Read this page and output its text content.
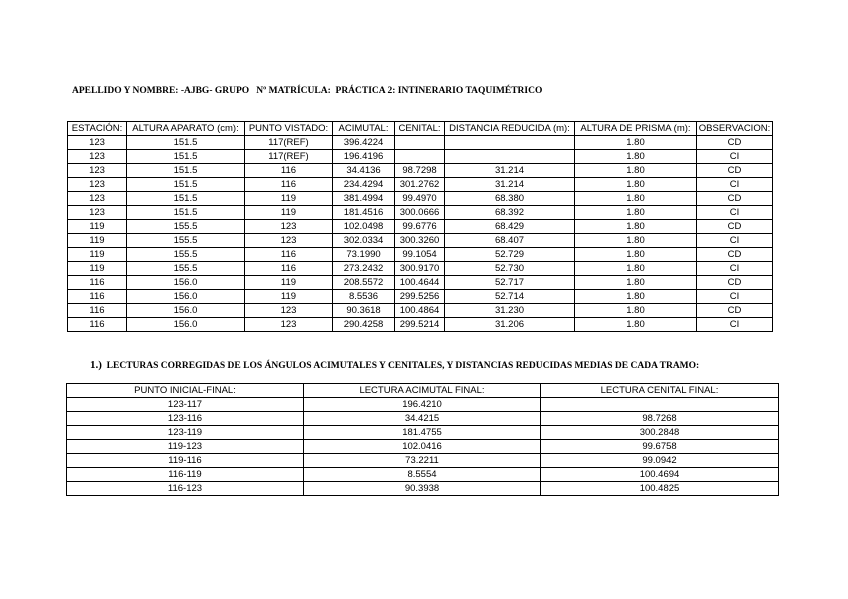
APELLIDO Y NOMBRE: -AJBG- GRUPO Nº MATRÍCULA: PRÁCTICA 2: INTINERARIO TAQUIMÉTRICO
ESTACIÓN:	ALTURA APARATO (cm):	PUNTO VISTADO:	ACIMUTAL:	CENITAL:	DISTANCIA REDUCIDA (m):	ALTURA DE PRISMA (m):	OBSERVACION:
123	151.5	117(REF)	396.4224			1.80	CD
123	151.5	117(REF)	196.4196			1.80	CI
123	151.5	116	34.4136	98.7298	31.214	1.80	CD
123	151.5	116	234.4294	301.2762	31.214	1.80	CI
123	151.5	119	381.4994	99.4970	68.380	1.80	CD
123	151.5	119	181.4516	300.0666	68.392	1.80	CI
119	155.5	123	102.0498	99.6776	68.429	1.80	CD
119	155.5	123	302.0334	300.3260	68.407	1.80	CI
119	155.5	116	73.1990	99.1054	52.729	1.80	CD
119	155.5	116	273.2432	300.9170	52.730	1.80	CI
116	156.0	119	208.5572	100.4644	52.717	1.80	CD
116	156.0	119	8.5536	299.5256	52.714	1.80	CI
116	156.0	123	90.3618	100.4864	31.230	1.80	CD
116	156.0	123	290.4258	299.5214	31.206	1.80	CI
1.) LECTURAS CORREGIDAS DE LOS ÁNGULOS ACIMUTALES Y CENITALES, Y DISTANCIAS REDUCIDAS MEDIAS DE CADA TRAMO:
PUNTO INICIAL-FINAL:	LECTURA ACIMUTAL FINAL:	LECTURA CENITAL FINAL:
123-117	196.4210	
123-116	34.4215	98.7268
123-119	181.4755	300.2848
119-123	102.0416	99.6758
119-116	73.2211	99.0942
116-119	8.5554	100.4694
116-123	90.3938	100.4825
